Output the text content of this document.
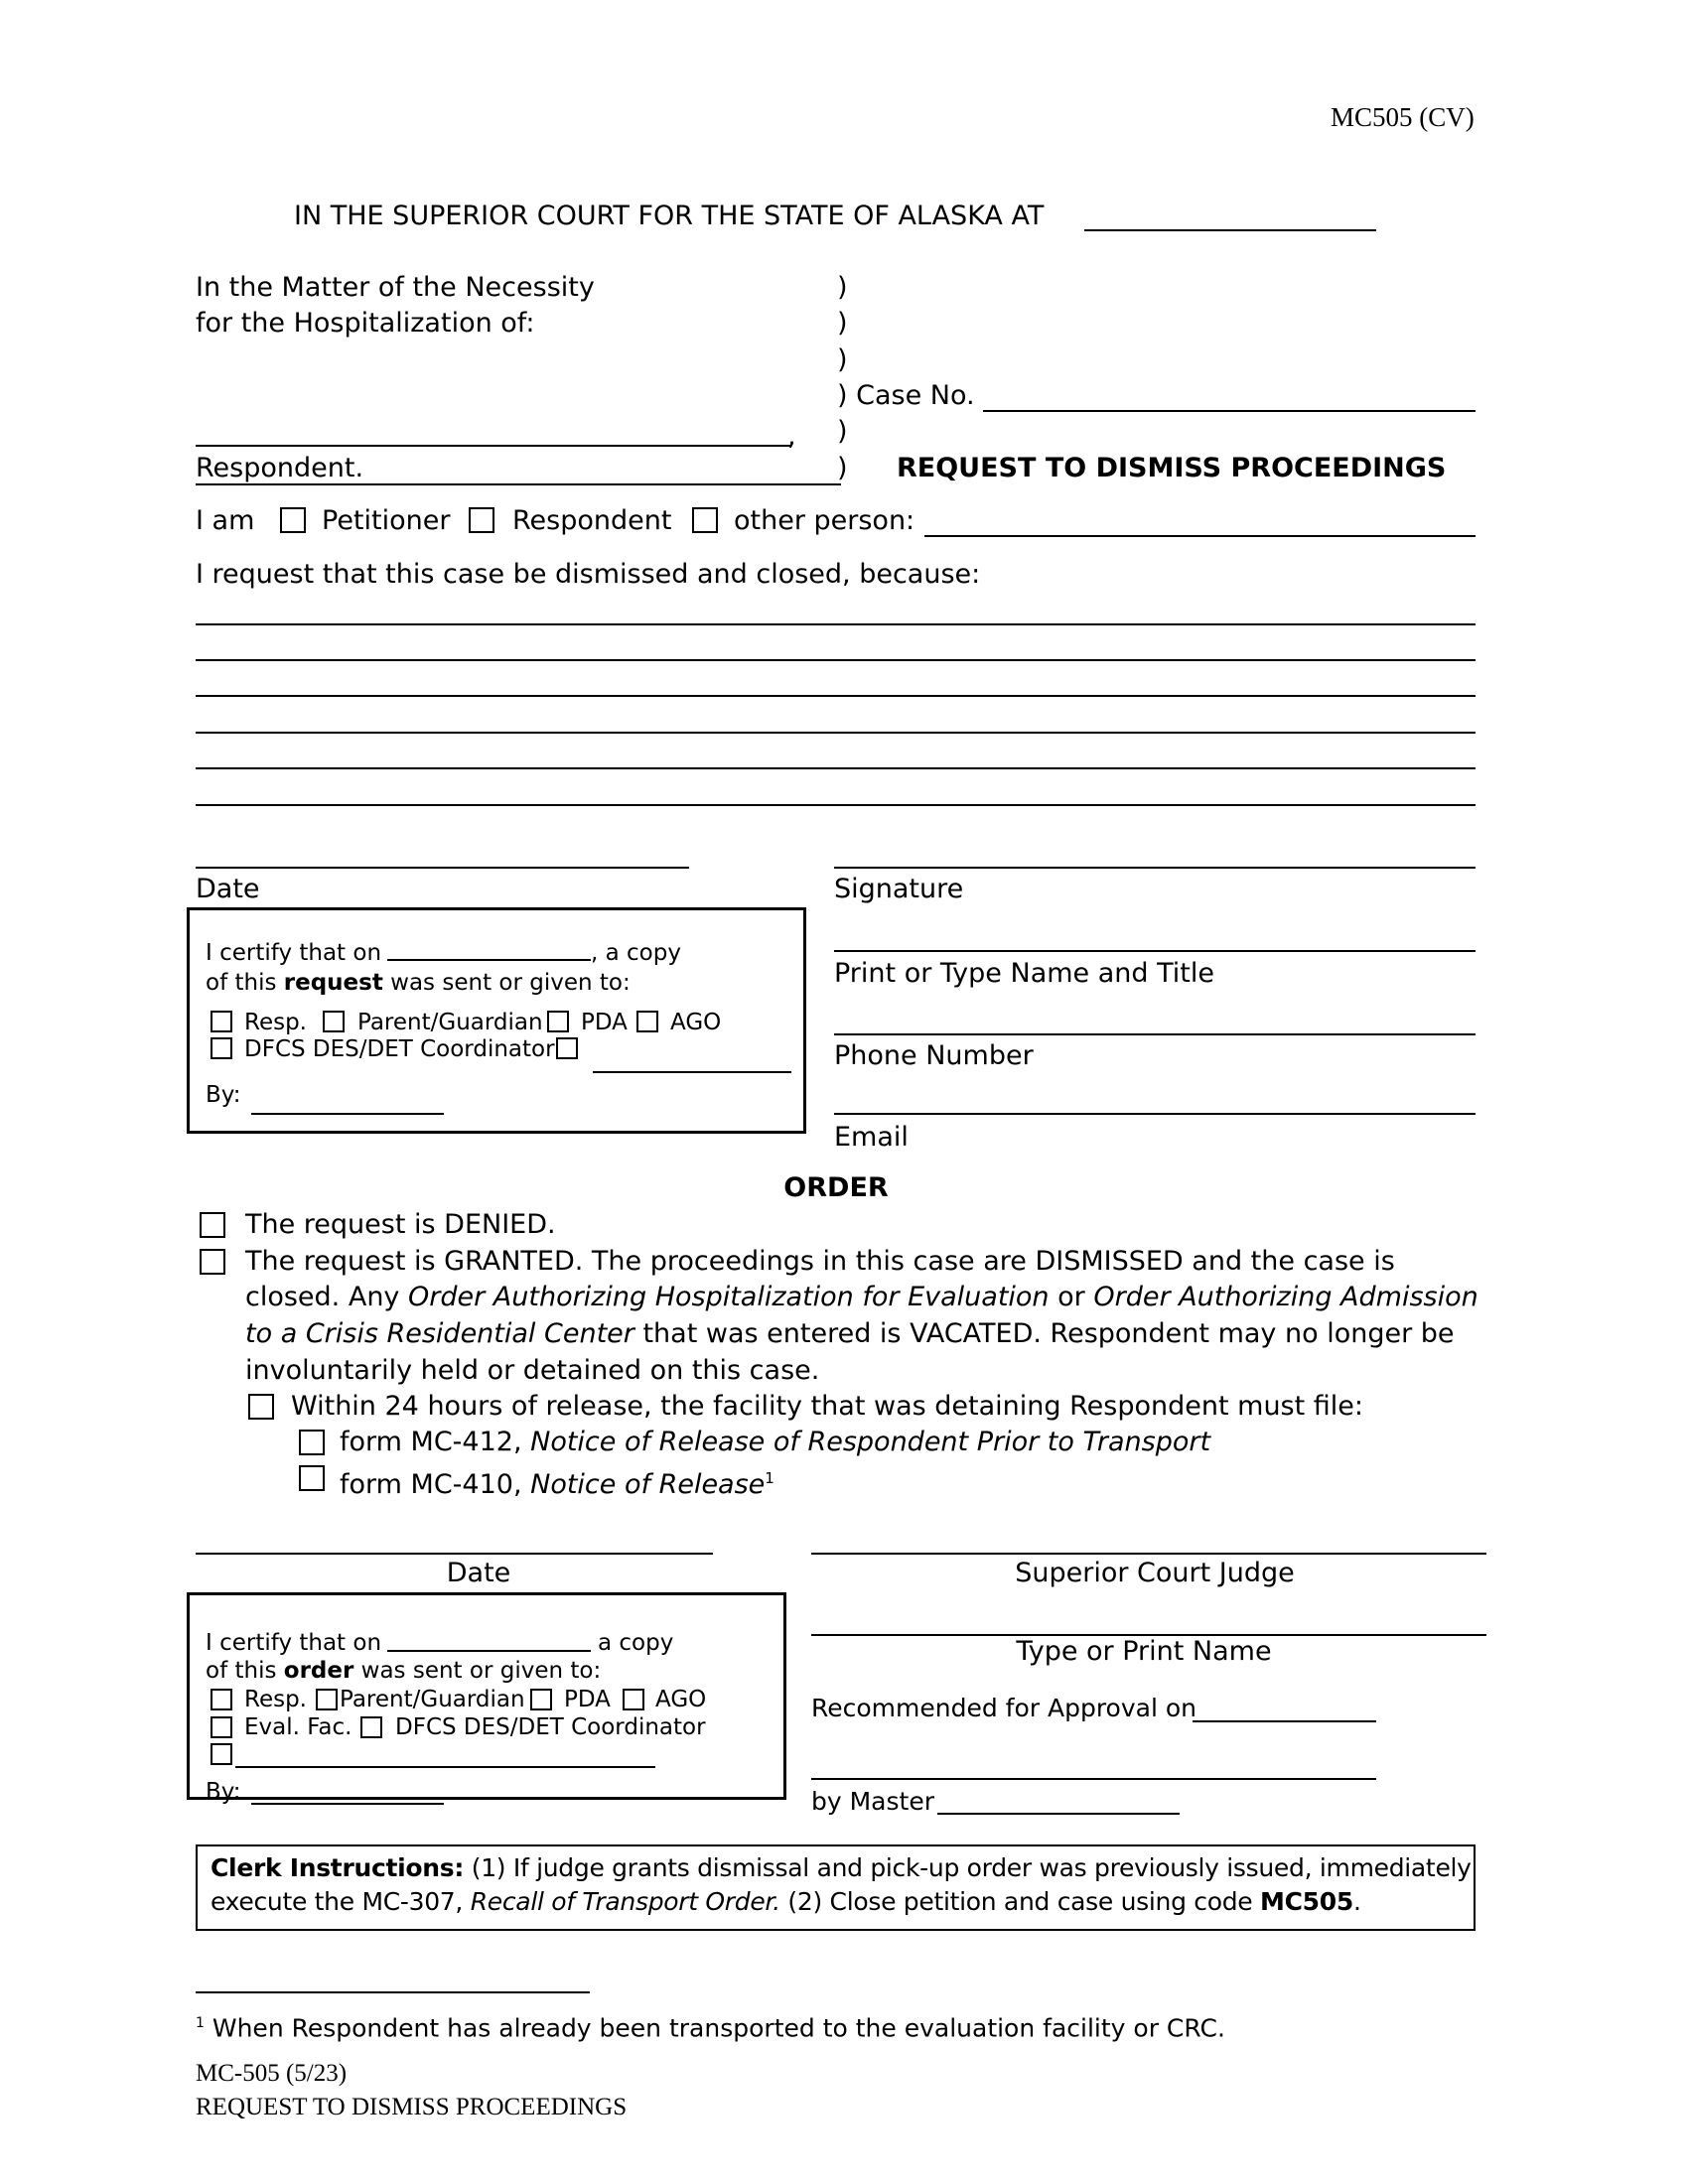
MC505 (CV)
IN THE SUPERIOR COURT FOR THE STATE OF ALASKA AT
In the Matter of the Necessity
for the Hospitalization of:
)
)
)
) Case No.
)
)
,
Respondent.	REQUEST TO DISMISS PROCEEDINGS
I am	Petitioner Respondent other person:
I request that this case be dismissed and closed, because:
Date	Signature
Print or Type Name and Title
Phone Number
Email
I certify that on	, a copy
of this request was sent or given to:
Resp. Parent/Guardian PDA AGO
DFCS DES/DET Coordinator
By:
ORDER
The request is DENIED.
The request is GRANTED. The proceedings in this case are DISMISSED and the case is
closed. Any Order Authorizing Hospitalization for Evaluation or Order Authorizing Admission
to a Crisis Residential Center that was entered is VACATED. Respondent may no longer be
involuntarily held or detained on this case.
Within 24 hours of release, the facility that was detaining Respondent must file:
form MC-412, Notice of Release of Respondent Prior to Transport
form MC-410, Notice of Release$^1$
Date	Superior Court Judge
Type or Print Name
Recommended for Approval on
by Master
I certify that on	a copy
of this order was sent or given to:
Resp. Parent/Guardian PDA AGO
Eval. Fac. DFCS DES/DET Coordinator
By:
Clerk Instructions: (1) If judge grants dismissal and pick-up order was previously issued, immediately
execute the MC-307, Recall of Transport Order. (2) Close petition and case using code MC505.
$^1$ When Respondent has already been transported to the evaluation facility or CRC.
MC-505 (5/23)
REQUEST TO DISMISS PROCEEDINGS
